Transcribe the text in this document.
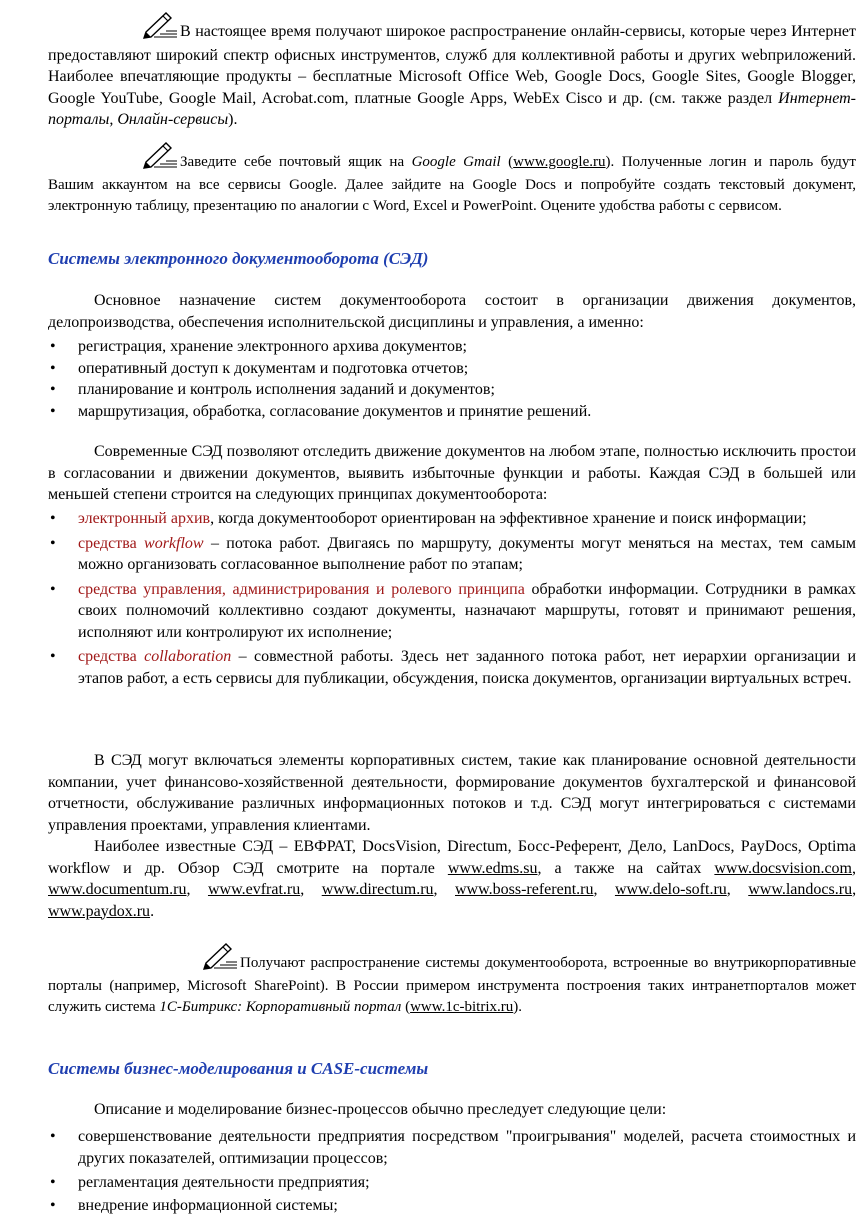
В настоящее время получают широкое распространение онлайн-сервисы, которые через Интернет предоставляют широкий спектр офисных инструментов, служб для коллективной работы и других webприложений. Наиболее впечатляющие продукты – бесплатные Microsoft Office Web, Google Docs, Google Sites, Google Blogger, Google YouTube, Google Mail, Acrobat.com, платные Google Apps, WebEx Cisco и др. (см. также раздел Интернет-порталы, Онлайн-сервисы).
Заведите себе почтовый ящик на Google Gmail (www.google.ru). Полученные логин и пароль будут Вашим аккаунтом на все сервисы Google. Далее зайдите на Google Docs и попробуйте создать текстовый документ, электронную таблицу, презентацию по аналогии с Word, Excel и PowerPoint. Оцените удобства работы с сервисом.
Системы электронного документооборота (СЭД)
Основное назначение систем документооборота состоит в организации движения документов, делопроизводства, обеспечения исполнительской дисциплины и управления, а именно:
• регистрация, хранение электронного архива документов;
• оперативный доступ к документам и подготовка отчетов;
• планирование и контроль исполнения заданий и документов;
• маршрутизация, обработка, согласование документов и принятие решений.
Современные СЭД позволяют отследить движение документов на любом этапе, полностью исключить простои в согласовании и движении документов, выявить избыточные функции и работы. Каждая СЭД в большей или меньшей степени строится на следующих принципах документооборота:
• электронный архив, когда документооборот ориентирован на эффективное хранение и поиск информации;
• средства workflow – потока работ. Двигаясь по маршруту, документы могут меняться на местах, тем самым можно организовать согласованное выполнение работ по этапам;
• средства управления, администрирования и ролевого принципа обработки информации. Сотрудники в рамках своих полномочий коллективно создают документы, назначают маршруты, готовят и принимают решения, исполняют или контролируют их исполнение;
• средства collaboration – совместной работы. Здесь нет заданного потока работ, нет иерархии организации и этапов работ, а есть сервисы для публикации, обсуждения, поиска документов, организации виртуальных встреч.
В СЭД могут включаться элементы корпоративных систем, такие как планирование основной деятельности компании, учет финансово-хозяйственной деятельности, формирование документов бухгалтерской и финансовой отчетности, обслуживание различных информационных потоков и т.д. СЭД могут интегрироваться с системами управления проектами, управления клиентами.
Наиболее известные СЭД – ЕВФРАТ, DocsVision, Directum, Босс-Референт, Дело, LanDocs, PayDocs, Optima workflow и др. Обзор СЭД смотрите на портале www.edms.su, а также на сайтах www.docsvision.com, www.documentum.ru, www.evfrat.ru, www.directum.ru, www.boss-referent.ru, www.delo-soft.ru, www.landocs.ru, www.paydox.ru.
Получают распространение системы документооборота, встроенные во внутрикорпоративные порталы (например, Microsoft SharePoint). В России примером инструмента построения таких интранетпорталов может служить система 1С-Битрикс: Корпоративный портал (www.1c-bitrix.ru).
Системы бизнес-моделирования и CASE-системы
Описание и моделирование бизнес-процессов обычно преследует следующие цели:
• совершенствование деятельности предприятия посредством "проигрывания" моделей, расчета стоимостных и других показателей, оптимизации процессов;
• регламентация деятельности предприятия;
• внедрение информационной системы;
